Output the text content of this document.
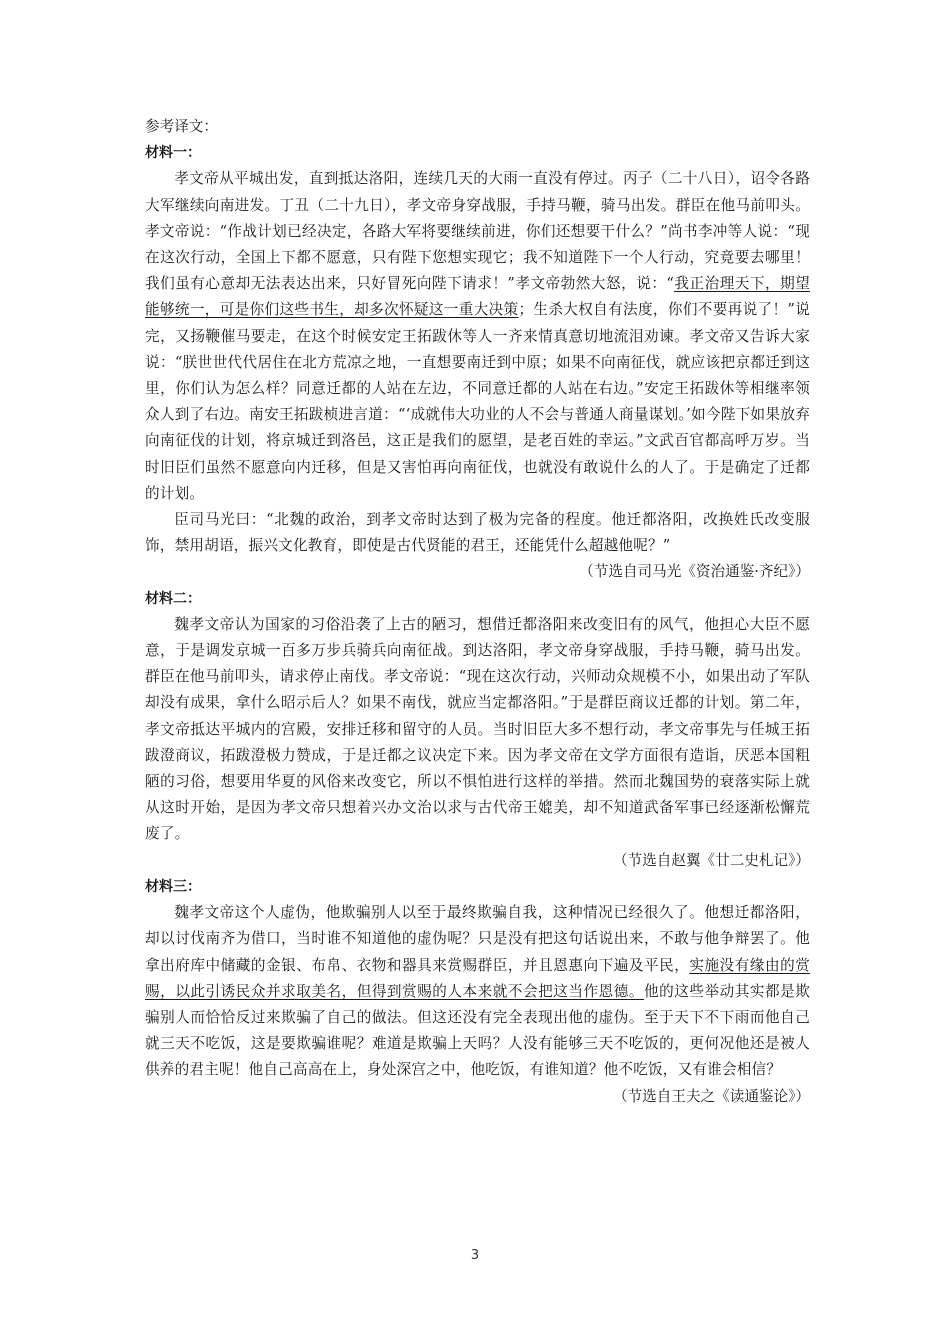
参考译文：

材料一：

孝文帝从平城出发，直到抵达洛阳，连续几天的大雨一直没有停过。丙子（二十八日），诏令各路大军继续向南进发。丁丑（二十九日），孝文帝身穿战服，手持马鞭，骑马出发。群臣在他马前叩头。孝文帝说：“作战计划已经决定，各路大军将要继续前进，你们还想要干什么？”尚书李冲等人说：“现在这次行动，全国上下都不愿意，只有陛下您想实现它；我不知道陛下一个人行动，究竟要去哪里！我们虽有心意却无法表达出来，只好冒死向陛下请求！”孝文帝勃然大怒，说：“我正治理天下，期望能够统一，可是你们这些书生，却多次怀疑这一重大决策；生杀大权自有法度，你们不要再说了！”说完，又扬鞭催马要走，在这个时候安定王拓跋休等人一齐来情真意切地流泪劝谏。孝文帝又告诉大家说：“朕世世代代居住在北方荒凉之地，一直想要南迁到中原；如果不向南征伐，就应该把京都迁到这里，你们认为怎么样？同意迁都的人站在左边，不同意迁都的人站在右边。”安定王拓跋休等相继率领众人到了右边。南安王拓跋桢进言道：“‘成就伟大功业的人不会与普通人商量谋划。’如今陛下如果放弃向南征伐的计划，将京城迁到洛邑，这正是我们的愿望，是老百姓的幸运。”文武百官都高呼万岁。当时旧臣们虽然不愿意向内迁移，但是又害怕再向南征伐，也就没有敢说什么的人了。于是确定了迁都的计划。

臣司马光曰：“北魏的政治，到孝文帝时达到了极为完备的程度。他迁都洛阳，改换姓氏改变服饰，禁用胡语，振兴文化教育，即使是古代贤能的君王，还能凭什么超越他呢？”

（节选自司马光《资治通鉴·齐纪》）

材料二：

魏孝文帝认为国家的习俗沿袭了上古的陋习，想借迁都洛阳来改变旧有的风气，他担心大臣不愿意，于是调发京城一百多万步兵骑兵向南征战。到达洛阳，孝文帝身穿战服，手持马鞭，骑马出发。群臣在他马前叩头，请求停止南伐。孝文帝说：“现在这次行动，兴师动众规模不小，如果出动了军队却没有成果，拿什么昭示后人？如果不南伐，就应当定都洛阳。”于是群臣商议迁都的计划。第二年，孝文帝抵达平城内的宫殿，安排迁移和留守的人员。当时旧臣大多不想行动，孝文帝事先与任城王拓跋澄商议，拓跋澄极力赞成，于是迁都之议决定下来。因为孝文帝在文学方面很有造诣，厌恶本国粗陋的习俗，想要用华夏的风俗来改变它，所以不惧怕进行这样的举措。然而北魏国势的衰落实际上就从这时开始，是因为孝文帝只想着兴办文治以求与古代帝王媲美，却不知道武备军事已经逐渐松懈荒废了。

（节选自赵翼《廿二史札记》）

材料三：

魏孝文帝这个人虚伪，他欺骗别人以至于最终欺骗自我，这种情况已经很久了。他想迁都洛阳，却以讨伐南齐为借口，当时谁不知道他的虚伪呢？只是没有把这句话说出来，不敢与他争辩罢了。他拿出府库中储藏的金银、布帛、衣物和器具来赏赐群臣，并且恩惠向下遍及平民，实施没有缘由的赏赐，以此引诱民众并求取美名，但得到赏赐的人本来就不会把这当作恩德。他的这些举动其实都是欺骗别人而恰恰反过来欺骗了自己的做法。但这还没有完全表现出他的虚伪。至于天下不下雨而他自己就三天不吃饭，这是要欺骗谁呢？难道是欺骗上天吗？人没有能够三天不吃饭的，更何况他还是被人供养的君主呢！他自己高高在上，身处深宫之中，他吃饭，有谁知道？他不吃饭，又有谁会相信？

（节选自王夫之《读通鉴论》）

3
